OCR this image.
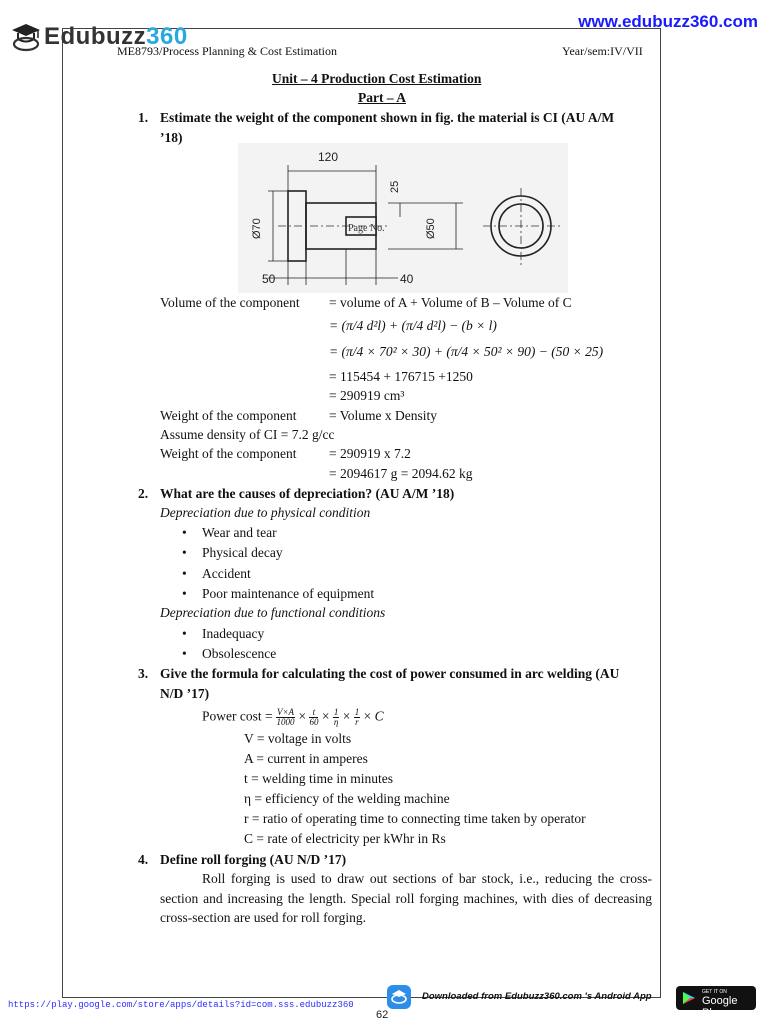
Edubuzz360
www.edubuzz360.com
ME8793/Process Planning & Cost Estimation	Year/sem:IV/VII
Unit – 4 Production Cost Estimation
Part – A
1. Estimate the weight of the component shown in fig. the material is CI (AU A/M
’18)
120
25
Ø70	Ø50
50	40
Page No.
Volume of the component = volume of A + Volume of B – Volume of C
= (π/4 d²l) + (π/4 d²l) − (b × l)
= (π/4 × 70² × 30) + (π/4 × 50² × 90) − (50 × 25)
= 115454 + 176715 +1250
= 290919 cm³
Weight of the component = Volume x Density
Assume density of CI = 7.2 g/cc
Weight of the component = 290919 x 7.2
= 2094617 g = 2094.62 kg
2. What are the causes of depreciation? (AU A/M ’18)
Depreciation due to physical condition
• Wear and tear
• Physical decay
• Accident
• Poor maintenance of equipment
Depreciation due to functional conditions
• Inadequacy
• Obsolescence
3. Give the formula for calculating the cost of power consumed in arc welding (AU
N/D ’17)
Power $\cos t = \frac{V\times A}{1000} \times \frac{t}{60} \times \frac{1}{\eta} \times \frac{1}{r} \times C$
V = voltage in volts
A = current in amperes
t = welding time in minutes
η = efficiency of the welding machine
r = ratio of operating time to connecting time taken by operator
C = rate of electricity per kWhr in Rs
4. Define roll forging (AU N/D ’17)
Roll forging is used to draw out sections of bar stock, i.e., reducing the cross-section and increasing the length. Special roll forging machines, with dies of decreasing cross-section are used for roll forging.
https://play.google.com/store/apps/details?id=com.sss.edubuzz360
Downloaded from Edubuzz360.com 's Android App	GET IT ON
Google Play
62
